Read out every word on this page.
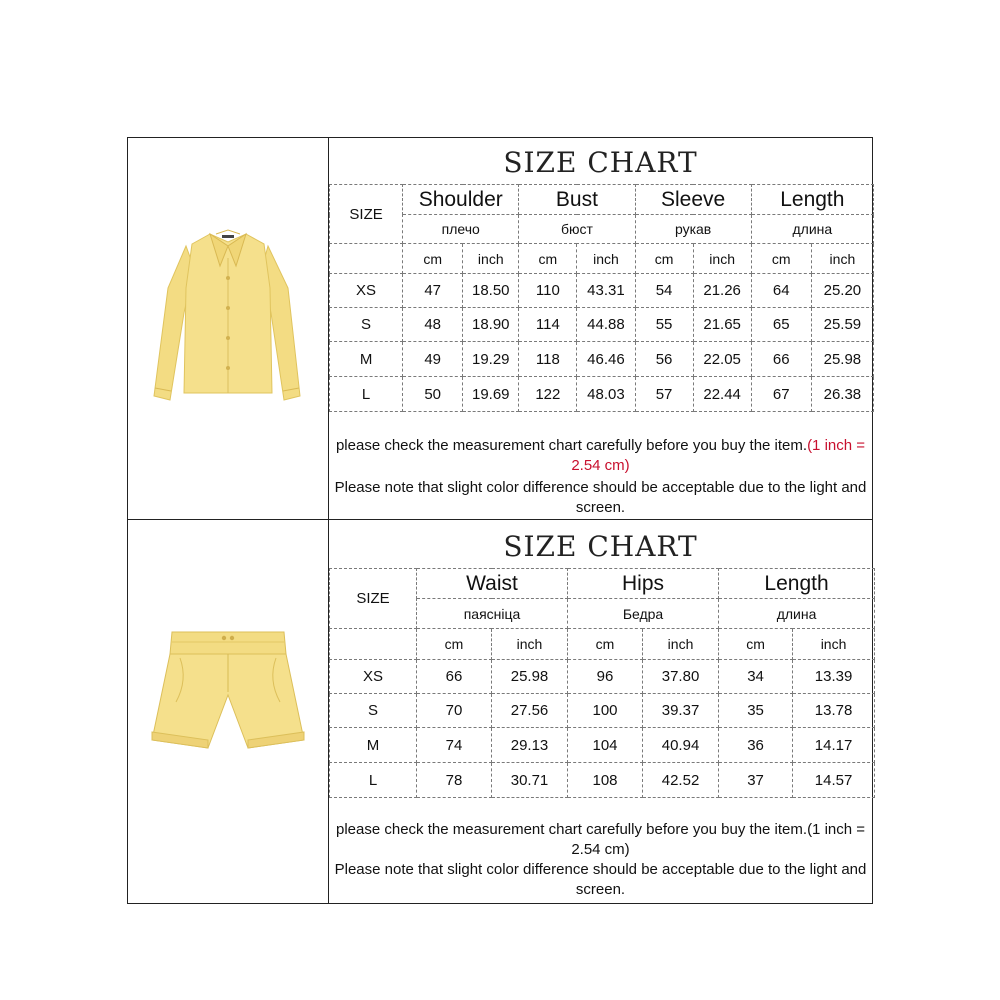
SIZE CHART
SIZE	Shoulder		Bust		Sleeve		Length	
	плечо		бюст		рукав		длина	
	cm	inch	cm	inch	cm	inch	cm	inch
XS	47	18.50	110	43.31	54	21.26	64	25.20
S	48	18.90	114	44.88	55	21.65	65	25.59
M	49	19.29	118	46.46	56	22.05	66	25.98
L	50	19.69	122	48.03	57	22.44	67	26.38
please check the measurement chart carefully before you buy the item.(1 inch = 2.54 cm)
Please note that slight color difference should be acceptable due to the light and screen.
SIZE CHART
SIZE	Waist		Hips		Length	
	паясніца		Бедра		длина	
	cm	inch	cm	inch	cm	inch
XS	66	25.98	96	37.80	34	13.39
S	70	27.56	100	39.37	35	13.78
M	74	29.13	104	40.94	36	14.17
L	78	30.71	108	42.52	37	14.57
please check the measurement chart carefully before you buy the item.(1 inch = 2.54 cm)
Please note that slight color difference should be acceptable due to the light and screen.
